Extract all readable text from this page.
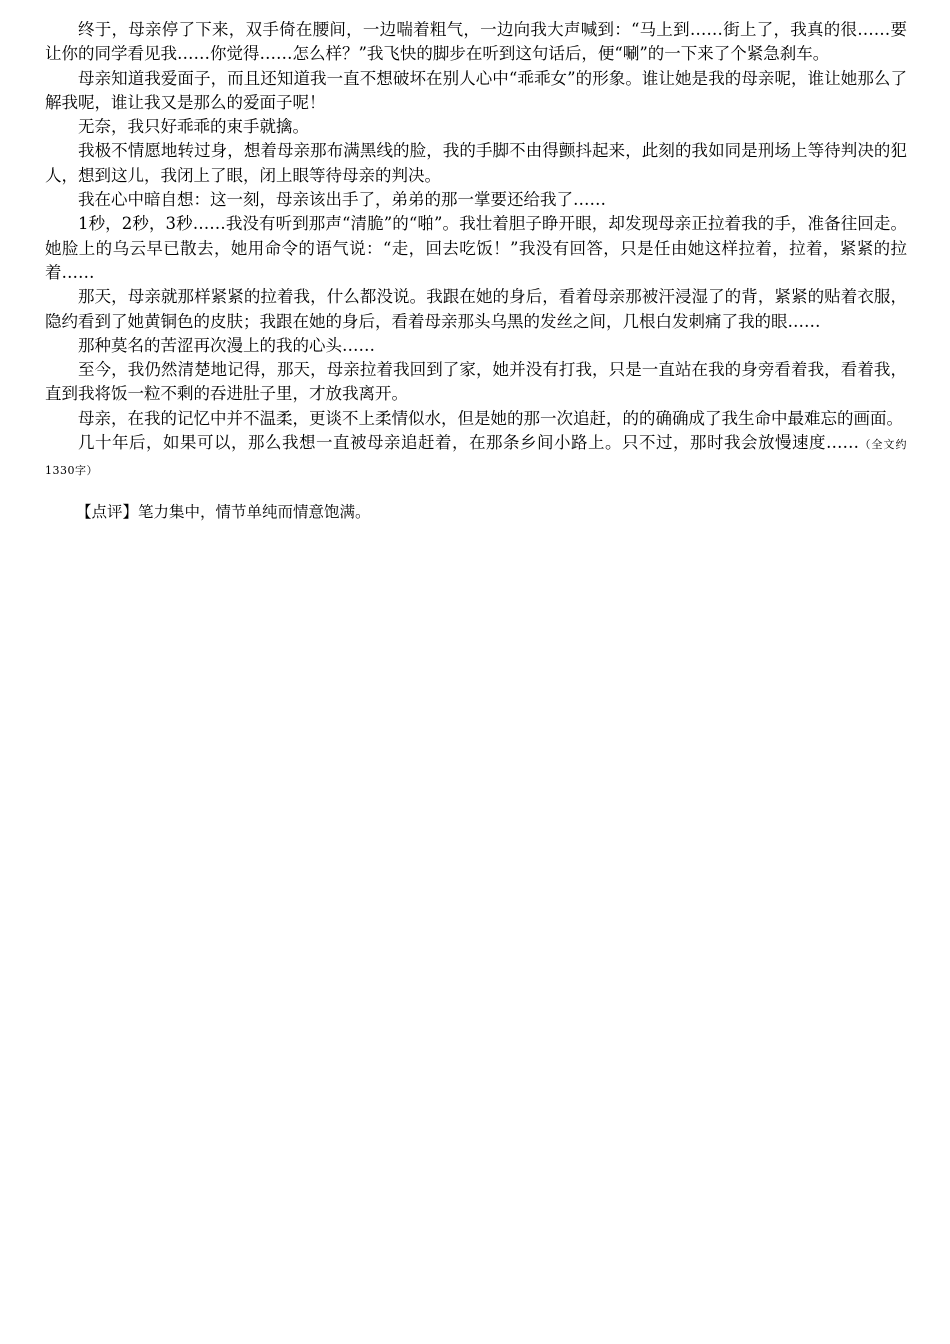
终于，母亲停了下来，双手倚在腰间，一边喘着粗气，一边向我大声喊到：“马上到……街上了，我真的很……要让你的同学看见我……你觉得……怎么样？”我飞快的脚步在听到这句话后，便“唰”的一下来了个紧急刹车。

母亲知道我爱面子，而且还知道我一直不想破坏在别人心中“乖乖女”的形象。谁让她是我的母亲呢，谁让她那么了解我呢，谁让我又是那么的爱面子呢！

无奈，我只好乖乖的束手就擒。

我极不情愿地转过身，想着母亲那布满黑线的脸，我的手脚不由得颤抖起来，此刻的我如同是刑场上等待判决的犯人，想到这儿，我闭上了眼，闭上眼等待母亲的判决。

我在心中暗自想：这一刻，母亲该出手了，弟弟的那一掌要还给我了……

1秒，2秒，3秒……我没有听到那声“清脆”的“啪”。我壮着胆子睁开眼，却发现母亲正拉着我的手，准备往回走。她脸上的乌云早已散去，她用命令的语气说：“走，回去吃饭！”我没有回答，只是任由她这样拉着，拉着，紧紧的拉着……

那天，母亲就那样紧紧的拉着我，什么都没说。我跟在她的身后，看着母亲那被汗浸湿了的背，紧紧的贴着衣服，隐约看到了她黄铜色的皮肤；我跟在她的身后，看着母亲那头乌黑的发丝之间，几根白发刺痛了我的眼……

那种莫名的苦涩再次漫上的我的心头……

至今，我仍然清楚地记得，那天，母亲拉着我回到了家，她并没有打我，只是一直站在我的身旁看着我，看着我，直到我将饭一粒不剩的吞进肚子里，才放我离开。

母亲，在我的记忆中并不温柔，更谈不上柔情似水，但是她的那一次追赶，的的确确成了我生命中最难忘的画面。

几十年后，如果可以，那么我想一直被母亲追赶着，在那条乡间小路上。只不过，那时我会放慢速度……（全文约1330字）

【点评】笔力集中，情节单纯而情意饱满。
